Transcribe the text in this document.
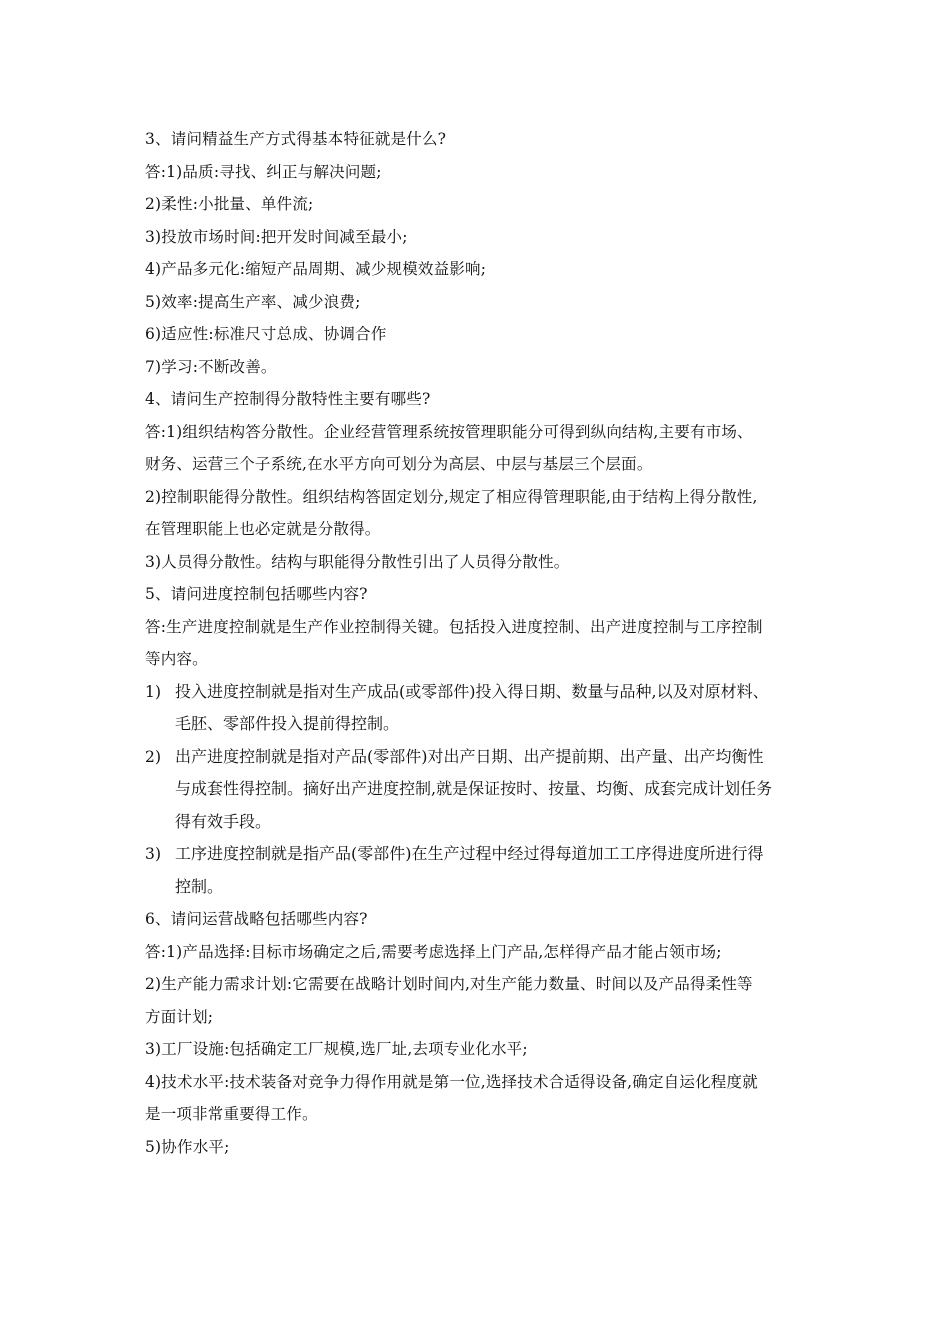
3、请问精益生产方式得基本特征就是什么?
答:1)品质:寻找、纠正与解决问题;
2)柔性:小批量、单件流;
3)投放市场时间:把开发时间减至最小;
4)产品多元化:缩短产品周期、减少规模效益影响;
5)效率:提高生产率、减少浪费;
6)适应性:标准尺寸总成、协调合作
7)学习:不断改善。
4、请问生产控制得分散特性主要有哪些?
答:1)组织结构答分散性。企业经营管理系统按管理职能分可得到纵向结构,主要有市场、
财务、运营三个子系统,在水平方向可划分为高层、中层与基层三个层面。
2)控制职能得分散性。组织结构答固定划分,规定了相应得管理职能,由于结构上得分散性,
在管理职能上也必定就是分散得。
3)人员得分散性。结构与职能得分散性引出了人员得分散性。
5、请问进度控制包括哪些内容?
答:生产进度控制就是生产作业控制得关键。包括投入进度控制、出产进度控制与工序控制
等内容。
1) 投入进度控制就是指对生产成品(或零部件)投入得日期、数量与品种,以及对原材料、
毛胚、零部件投入提前得控制。
2) 出产进度控制就是指对产品(零部件)对出产日期、出产提前期、出产量、出产均衡性
与成套性得控制。摘好出产进度控制,就是保证按时、按量、均衡、成套完成计划任务
得有效手段。
3) 工序进度控制就是指产品(零部件)在生产过程中经过得每道加工工序得进度所进行得
控制。
6、请问运营战略包括哪些内容?
答:1)产品选择:目标市场确定之后,需要考虑选择上门产品,怎样得产品才能占领市场;
2)生产能力需求计划:它需要在战略计划时间内,对生产能力数量、时间以及产品得柔性等
方面计划;
3)工厂设施:包括确定工厂规模,选厂址,去项专业化水平;
4)技术水平:技术装备对竞争力得作用就是第一位,选择技术合适得设备,确定自运化程度就
是一项非常重要得工作。
5)协作水平;
